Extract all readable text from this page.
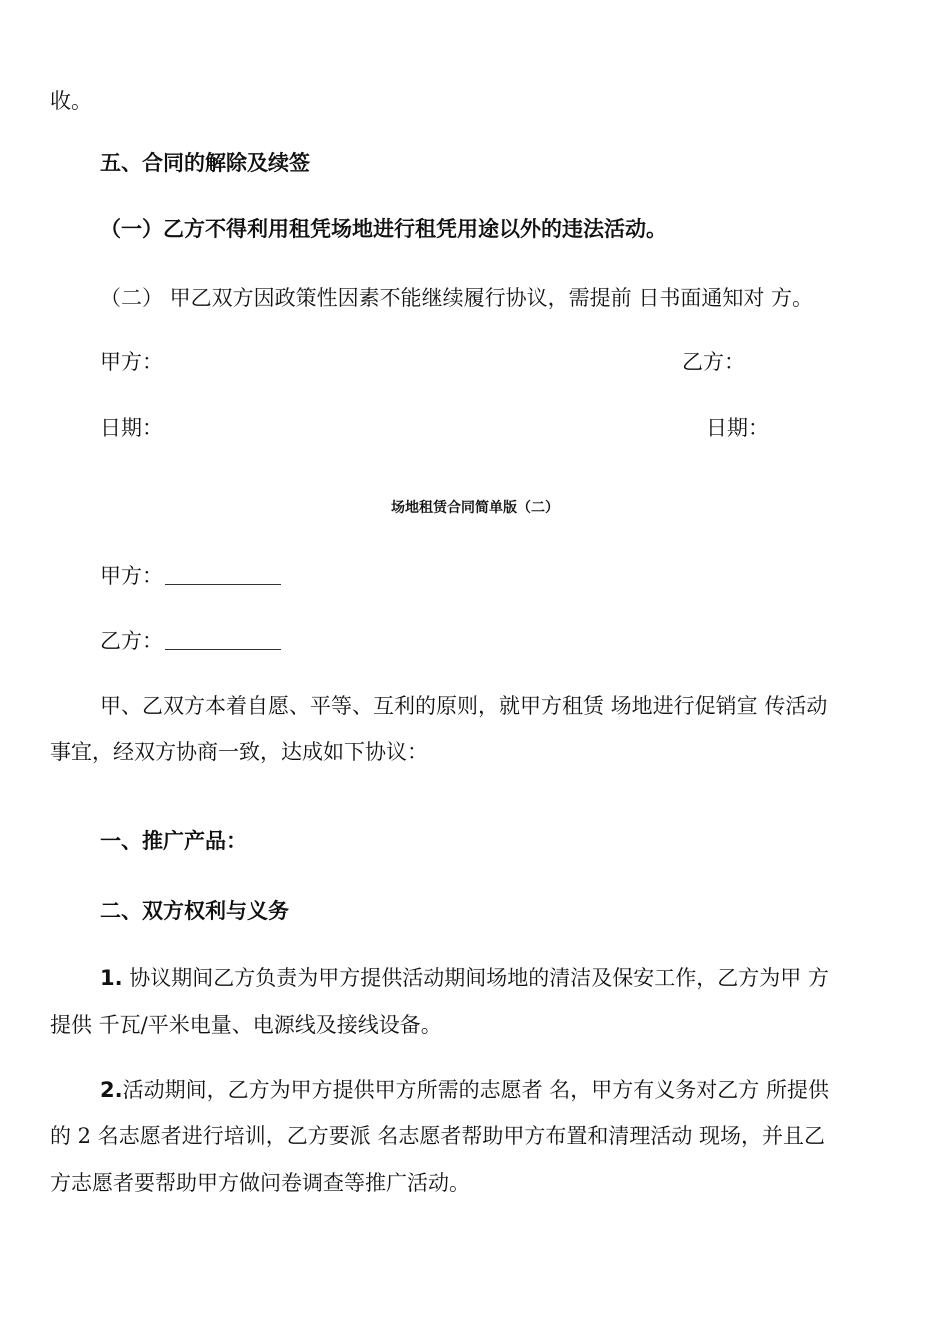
收。
五、合同的解除及续签
（一）乙方不得利用租凭场地进行租凭用途以外的违法活动。
（二） 甲乙双方因政策性因素不能继续履行协议，需提前 日书面通知对 方。
甲方：	乙方：
日期：	日期：
场地租赁合同简单版（二）
甲方：
乙方：
甲、乙双方本着自愿、平等、互利的原则，就甲方租赁 场地进行促销宣 传活动
事宜，经双方协商一致，达成如下协议：
一、推广产品：
二、双方权利与义务
1. 协议期间乙方负责为甲方提供活动期间场地的清洁及保安工作，乙方为甲 方
提供 千瓦/平米电量、电源线及接线设备。
2.活动期间，乙方为甲方提供甲方所需的志愿者 名，甲方有义务对乙方 所提供
的 2 名志愿者进行培训，乙方要派 名志愿者帮助甲方布置和清理活动 现场，并且乙
方志愿者要帮助甲方做问卷调查等推广活动。
